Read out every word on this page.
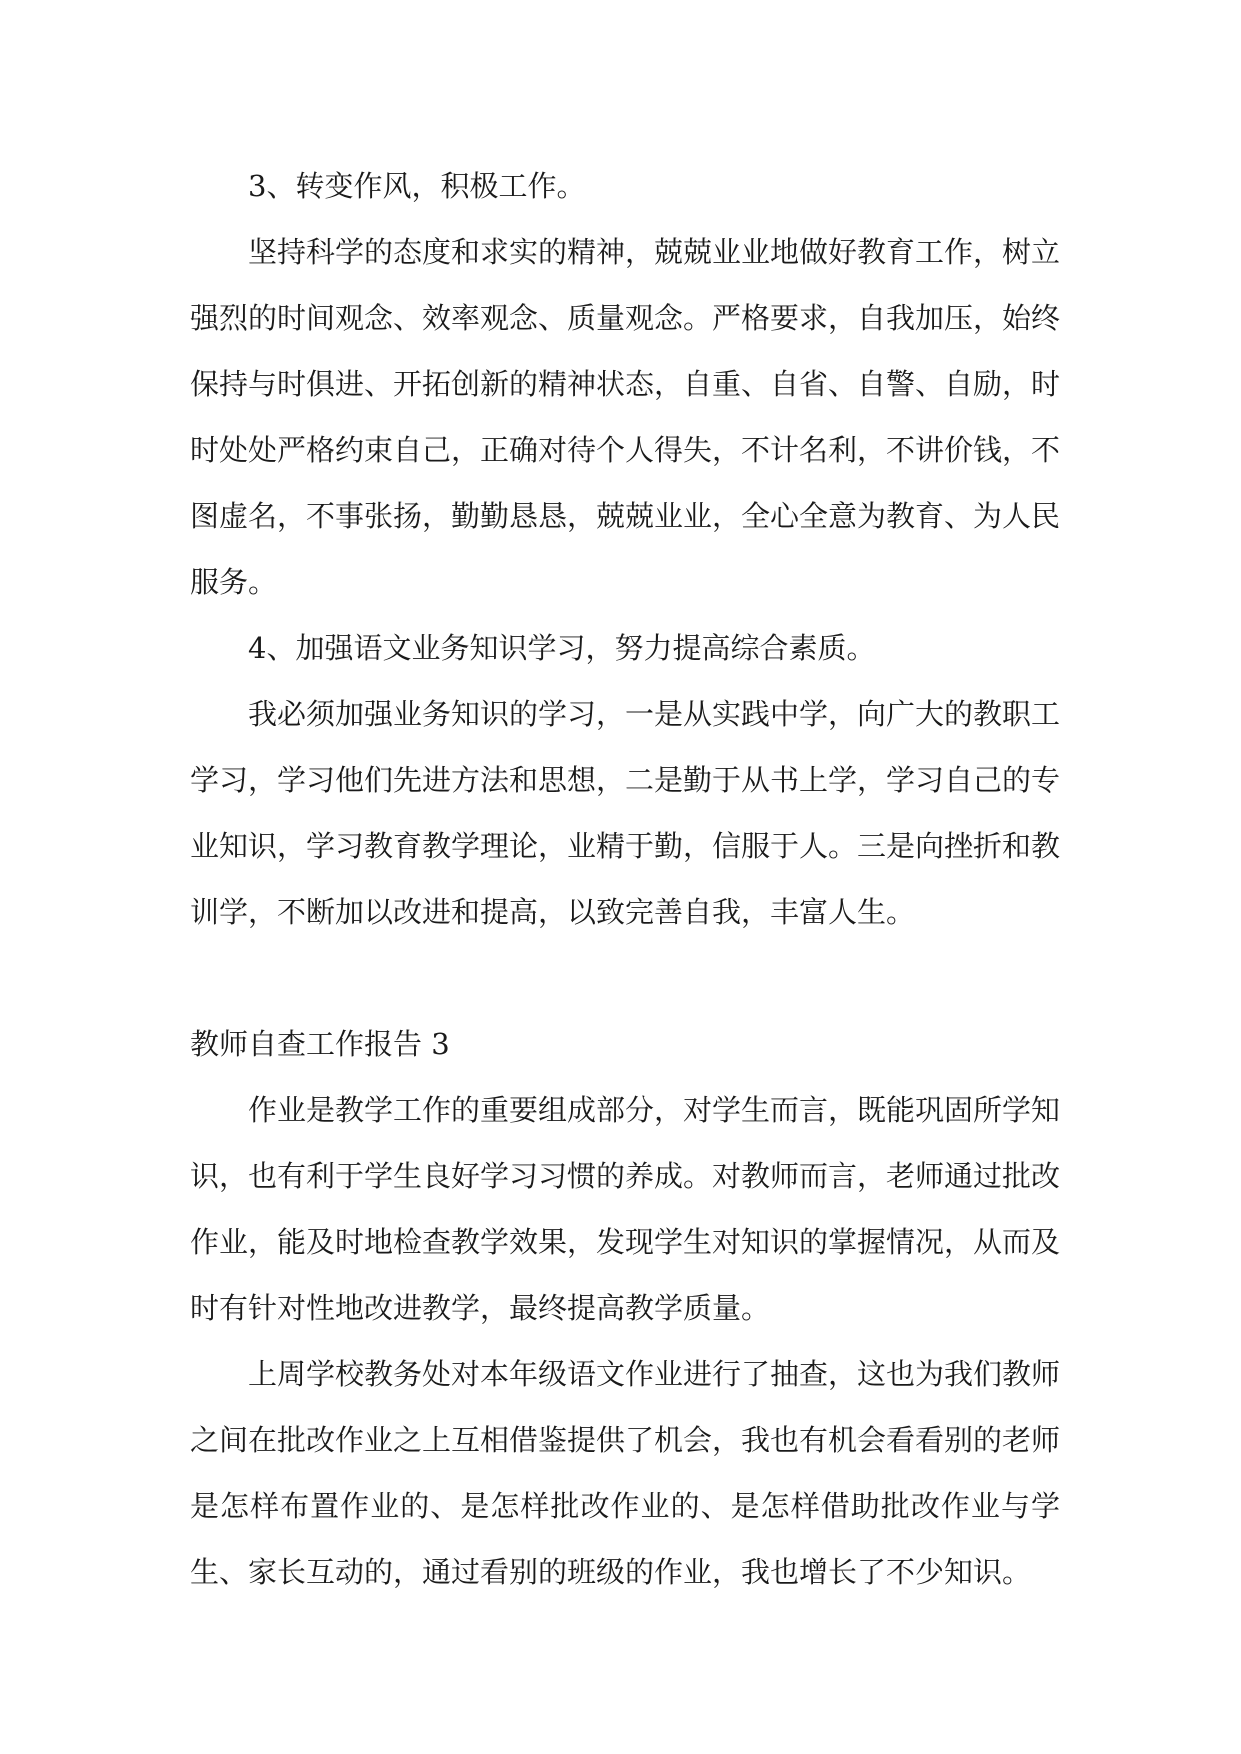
3、转变作风，积极工作。

坚持科学的态度和求实的精神，兢兢业业地做好教育工作，树立强烈的时间观念、效率观念、质量观念。严格要求，自我加压，始终保持与时俱进、开拓创新的精神状态，自重、自省、自警、自励，时时处处严格约束自己，正确对待个人得失，不计名利，不讲价钱，不图虚名，不事张扬，勤勤恳恳，兢兢业业，全心全意为教育、为人民服务。

4、加强语文业务知识学习，努力提高综合素质。

我必须加强业务知识的学习，一是从实践中学，向广大的教职工学习，学习他们先进方法和思想，二是勤于从书上学，学习自己的专业知识，学习教育教学理论，业精于勤，信服于人。三是向挫折和教训学，不断加以改进和提高，以致完善自我，丰富人生。

教师自查工作报告 3

作业是教学工作的重要组成部分，对学生而言，既能巩固所学知识，也有利于学生良好学习习惯的养成。对教师而言，老师通过批改作业，能及时地检查教学效果，发现学生对知识的掌握情况，从而及时有针对性地改进教学，最终提高教学质量。

上周学校教务处对本年级语文作业进行了抽查，这也为我们教师之间在批改作业之上互相借鉴提供了机会，我也有机会看看别的老师是怎样布置作业的、是怎样批改作业的、是怎样借助批改作业与学生、家长互动的，通过看别的班级的作业，我也增长了不少知识。
